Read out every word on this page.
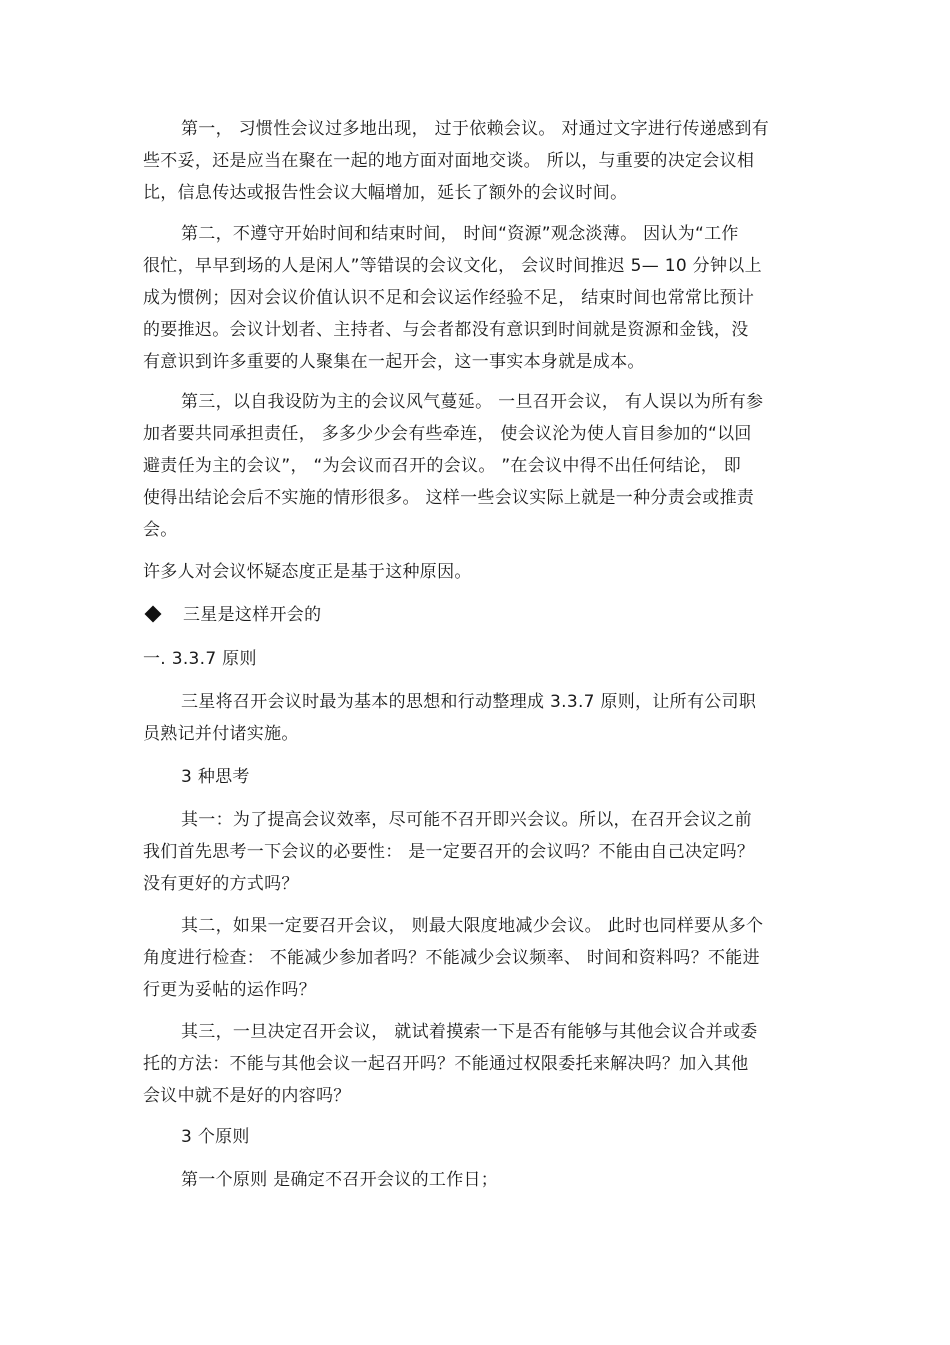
第一， 习惯性会议过多地出现， 过于依赖会议。 对通过文字进行传递感到有
些不妥，还是应当在聚在一起的地方面对面地交谈。 所以，与重要的决定会议相
比，信息传达或报告性会议大幅增加，延长了额外的会议时间。

第二，不遵守开始时间和结束时间， 时间“资源”观念淡薄。 因认为“工作
很忙，早早到场的人是闲人”等错误的会议文化， 会议时间推迟 5— 10 分钟以上
成为惯例；因对会议价值认识不足和会议运作经验不足， 结束时间也常常比预计
的要推迟。会议计划者、主持者、与会者都没有意识到时间就是资源和金钱，没
有意识到许多重要的人聚集在一起开会，这一事实本身就是成本。

第三，以自我设防为主的会议风气蔓延。 一旦召开会议， 有人误以为所有参
加者要共同承担责任， 多多少少会有些牵连， 使会议沦为使人盲目参加的“以回
避责任为主的会议”， “为会议而召开的会议。 ”在会议中得不出任何结论， 即
使得出结论会后不实施的情形很多。 这样一些会议实际上就是一种分责会或推责
会。

许多人对会议怀疑态度正是基于这种原因。

三星是这样开会的

一. 3.3.7 原则

三星将召开会议时最为基本的思想和行动整理成 3.3.7 原则，让所有公司职
员熟记并付诸实施。

3 种思考

其一：为了提高会议效率，尽可能不召开即兴会议。所以，在召开会议之前
我们首先思考一下会议的必要性： 是一定要召开的会议吗？不能由自己决定吗？
没有更好的方式吗？

其二，如果一定要召开会议， 则最大限度地减少会议。 此时也同样要从多个
角度进行检查： 不能减少参加者吗？不能减少会议频率、 时间和资料吗？不能进
行更为妥帖的运作吗？

其三，一旦决定召开会议， 就试着摸索一下是否有能够与其他会议合并或委
托的方法：不能与其他会议一起召开吗？不能通过权限委托来解决吗？加入其他
会议中就不是好的内容吗？

3 个原则

第一个原则 是确定不召开会议的工作日；
